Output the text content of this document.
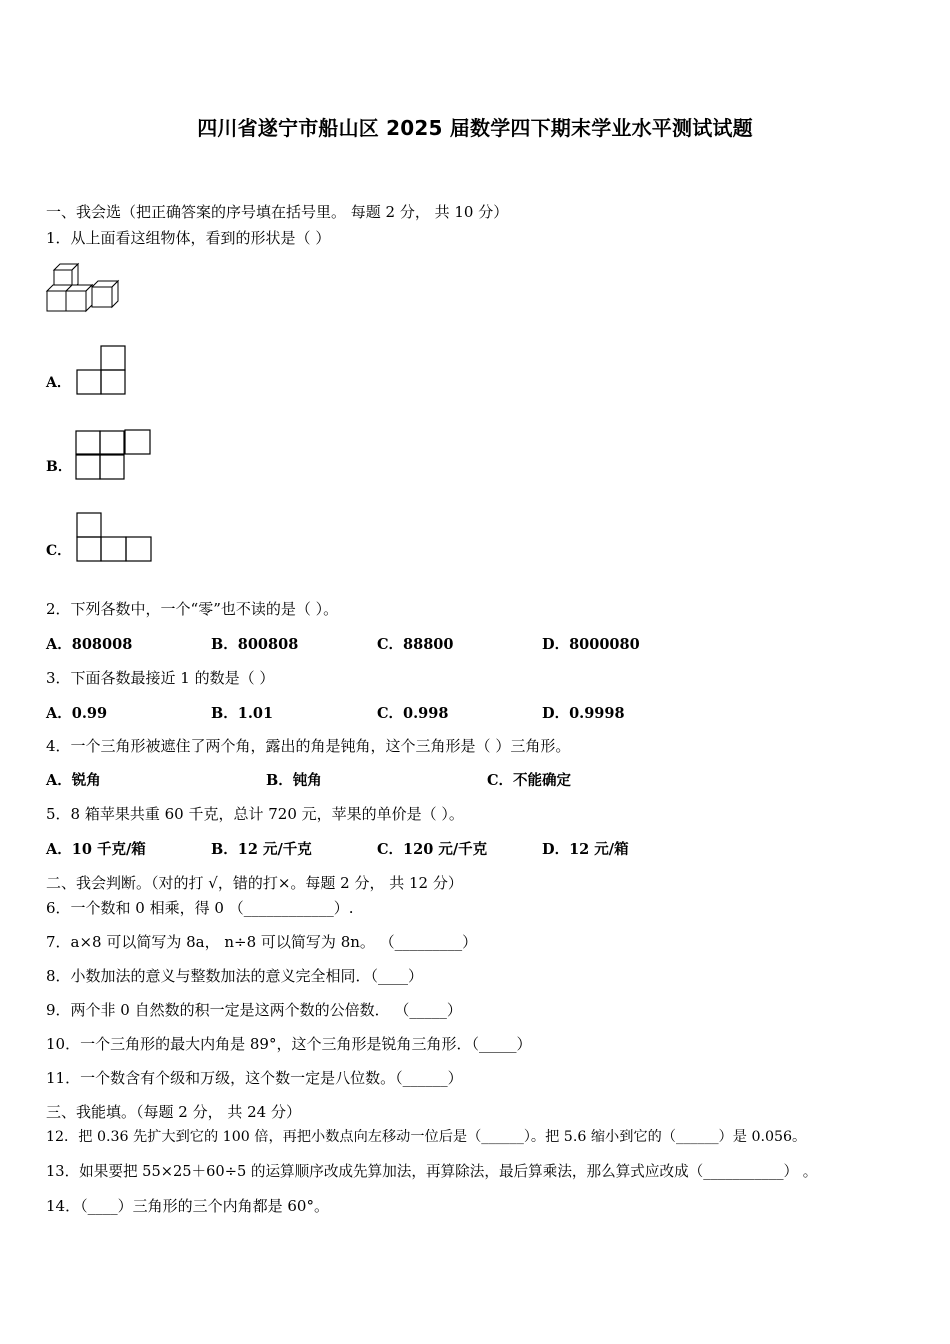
四川省遂宁市船山区 2025 届数学四下期末学业水平测试试题
一、我会选（把正确答案的序号填在括号里。 每题 2 分， 共 10 分）
1．从上面看这组物体，看到的形状是（ ）
A．
B．
C．
2．下列各数中，一个“零”也不读的是（ ）。
A．808008	B．800808	C．88800	D．8000080
3．下面各数最接近 1 的数是（ ）
A．0.99	B．1.01	C．0.998	D．0.9998
4．一个三角形被遮住了两个角，露出的角是钝角，这个三角形是（ ）三角形。
A．锐角	B．钝角	C．不能确定
5．8 箱苹果共重 60 千克，总计 720 元，苹果的单价是（ ）。
A．10 千克/箱	B．12 元/千克	C．120 元/千克	D．12 元/箱
二、我会判断。（对的打 √，错的打×。每题 2 分， 共 12 分）
6．一个数和 0 相乘，得 0 （____________）.
7．a×8 可以简写为 8a， n÷8 可以简写为 8n。 （_________）
8．小数加法的意义与整数加法的意义完全相同．（____）
9．两个非 0 自然数的积一定是这两个数的公倍数． （_____）
10．一个三角形的最大内角是 89°，这个三角形是锐角三角形．（_____）
11．一个数含有个级和万级，这个数一定是八位数。（______）
三、我能填。（每题 2 分， 共 24 分）
12．把 0.36 先扩大到它的 100 倍，再把小数点向左移动一位后是（______）。把 5.6 缩小到它的（______）是 0.056。
13．如果要把 55×25＋60÷5 的运算顺序改成先算加法，再算除法，最后算乘法，那么算式应改成（___________） 。
14．（____）三角形的三个内角都是 60°。
